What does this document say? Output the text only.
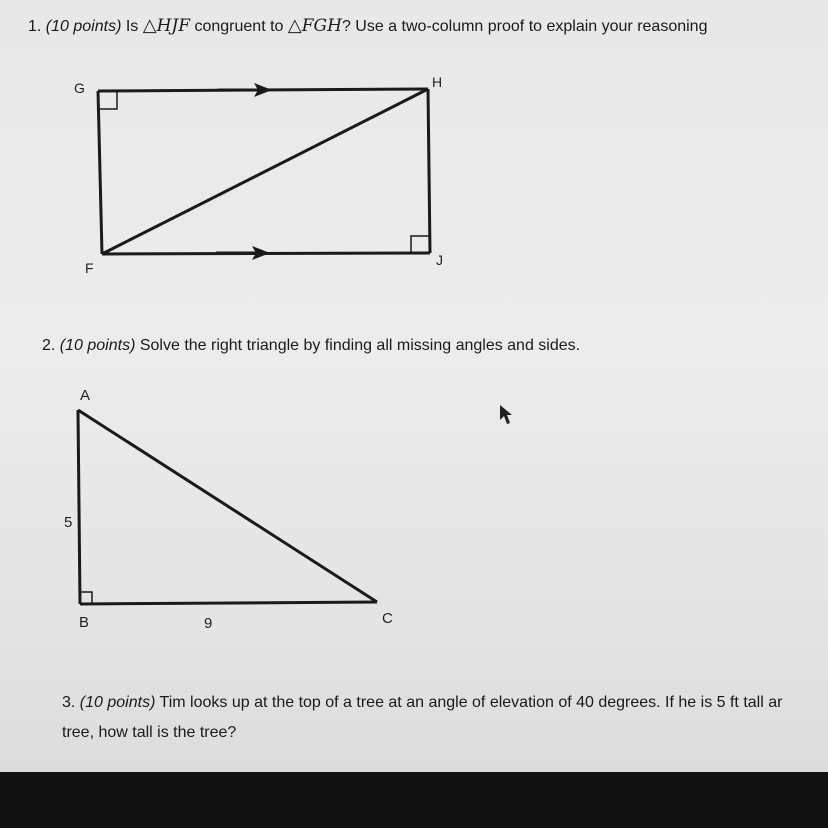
1. (10 points) Is △HJF congruent to △FGH? Use a two-column proof to explain your reasoning
G	H
F	J
2. (10 points) Solve the right triangle by finding all missing angles and sides.
A
5
B	9	C
3. (10 points) Tim looks up at the top of a tree at an angle of elevation of 40 degrees. If he is 5 ft tall ar
tree, how tall is the tree?
